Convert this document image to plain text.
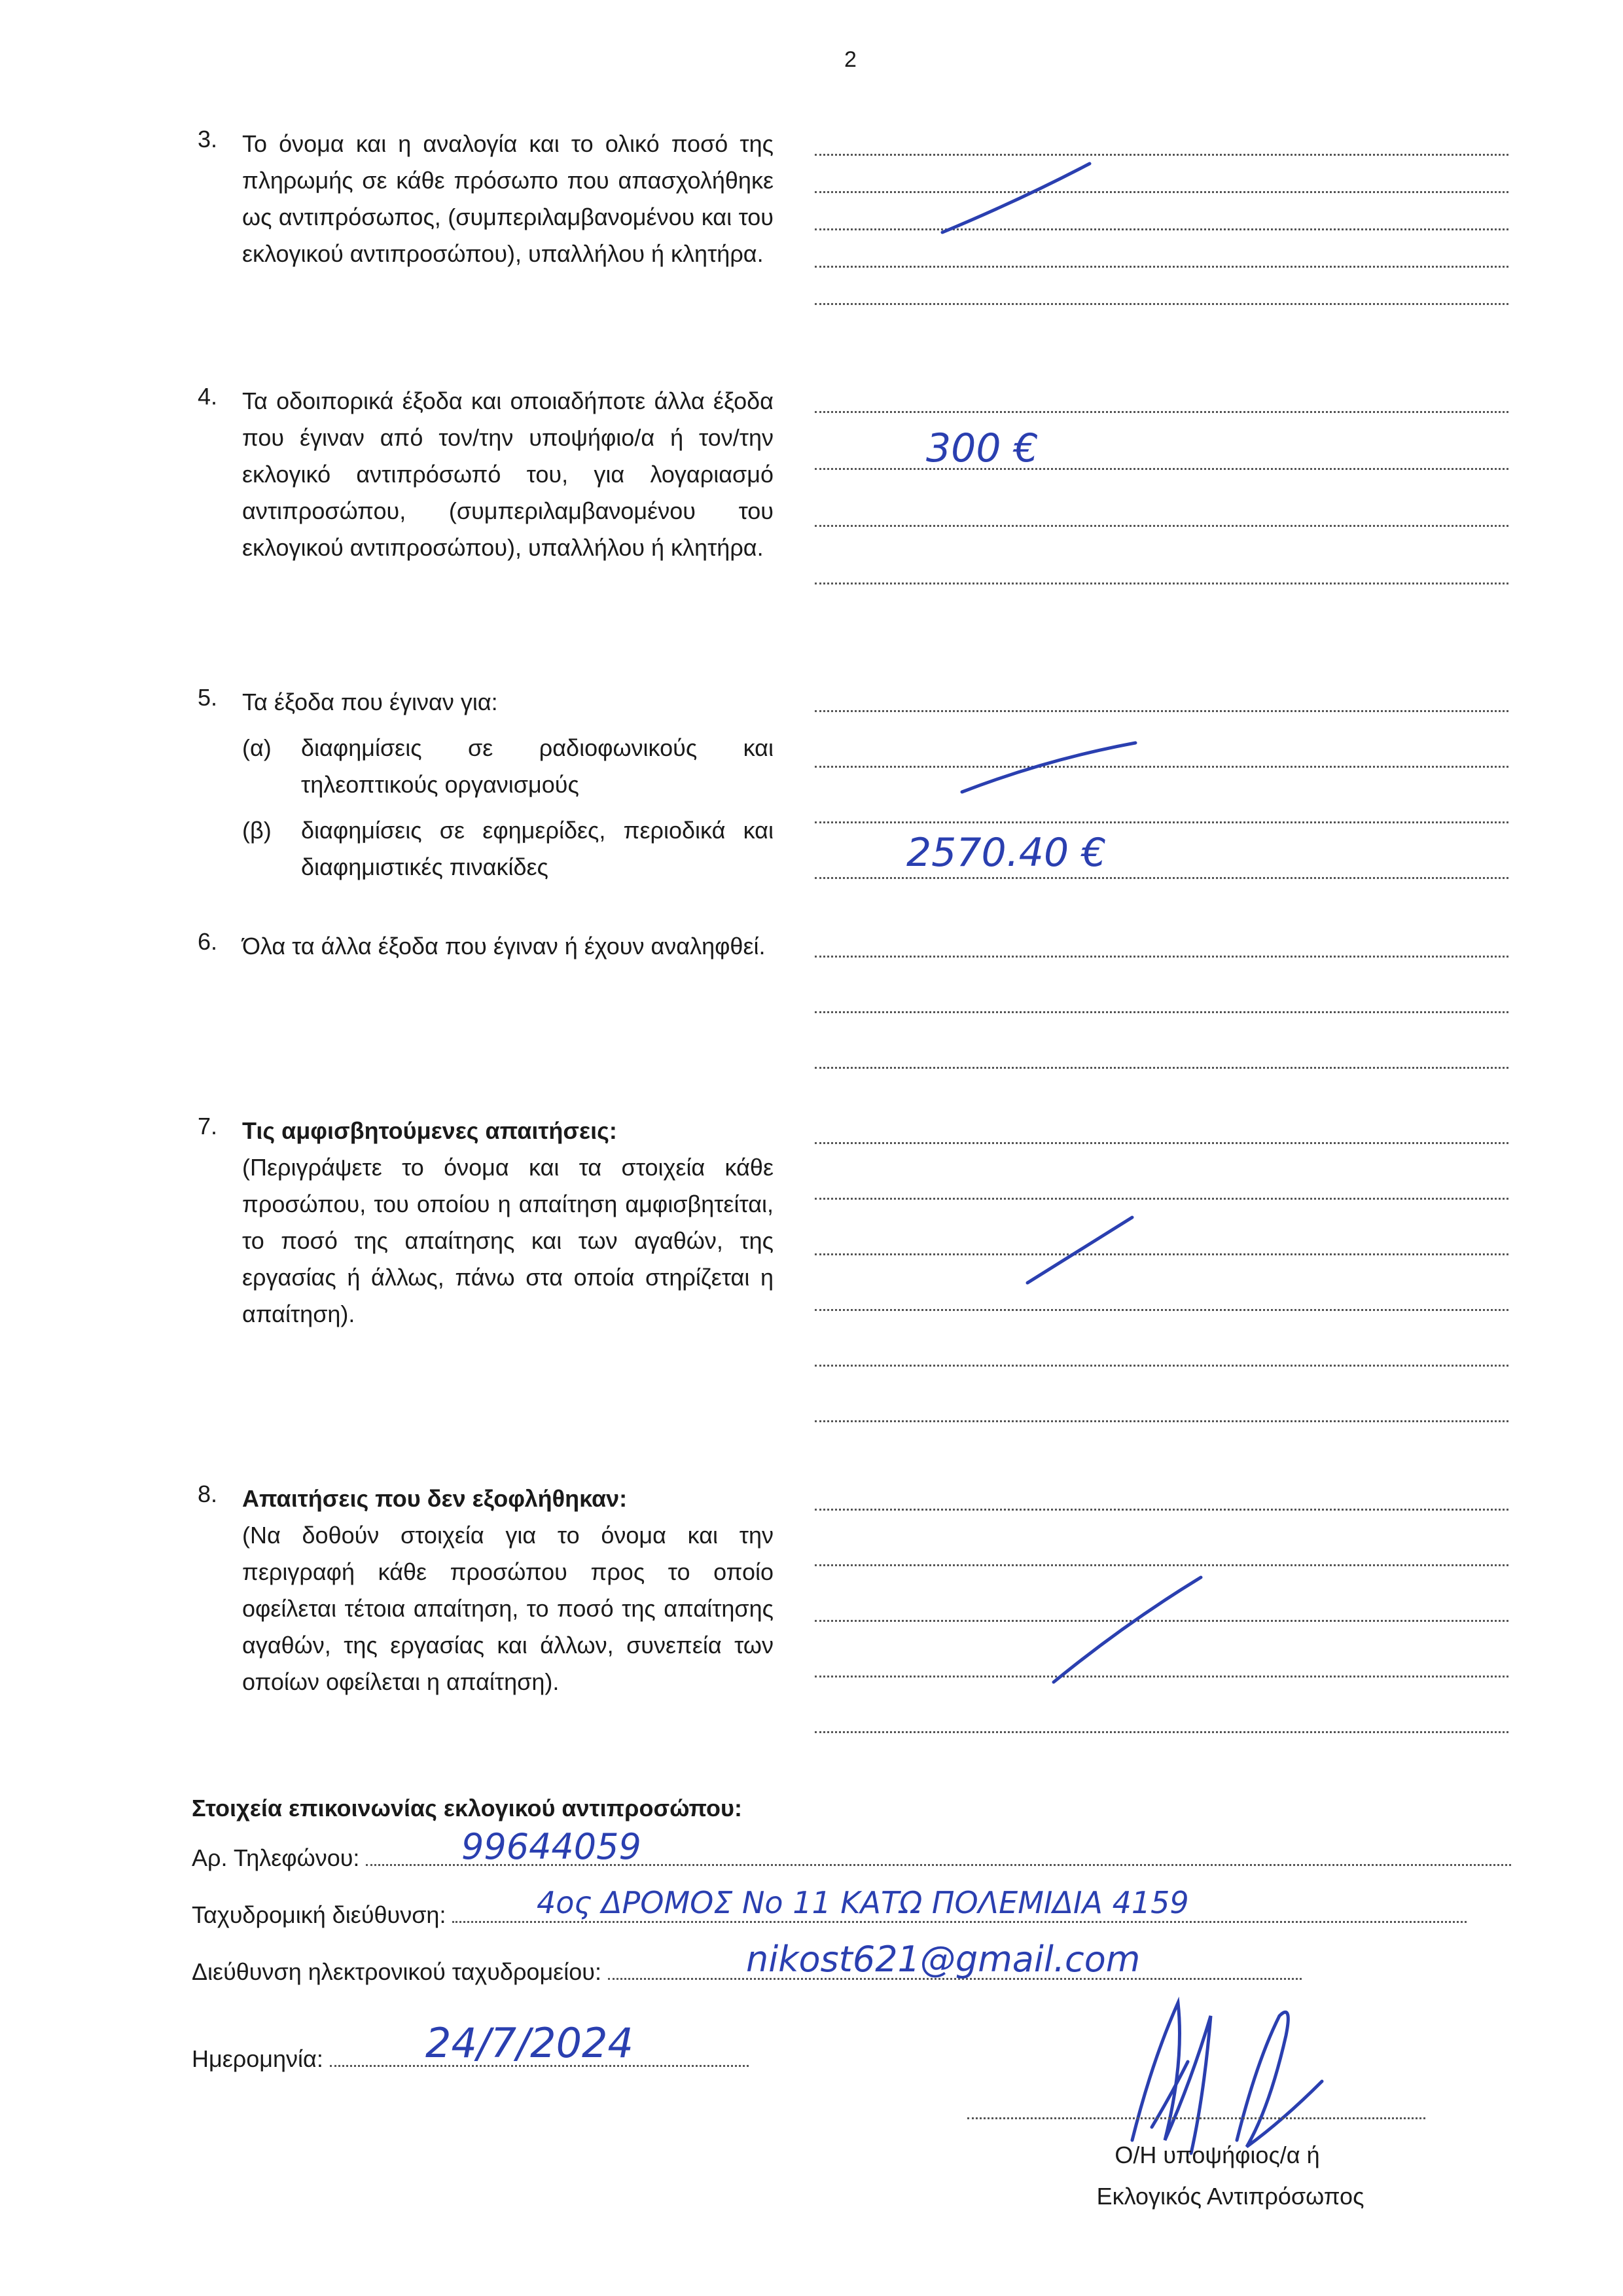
2
3. Το όνομα και η αναλογία και το ολικό ποσό της πληρωμής σε κάθε πρόσωπο που απασχολήθηκε ως αντιπρόσωπος, (συμπεριλαμβανομένου και του εκλογικού αντιπροσώπου), υπαλλήλου ή κλητήρα.
4. Τα οδοιπορικά έξοδα και οποιαδήποτε άλλα έξοδα που έγιναν από τον/την υποψήφιο/α ή τον/την εκλογικό αντιπρόσωπό του, για λογαριασμό αντιπροσώπου, (συμπεριλαμβανομένου του εκλογικού αντιπροσώπου), υπαλλήλου ή κλητήρα.
300 €
5. Τα έξοδα που έγιναν για:
(α) διαφημίσεις σε ραδιοφωνικούς και τηλεοπτικούς οργανισμούς
(β) διαφημίσεις σε εφημερίδες, περιοδικά και διαφημιστικές πινακίδες	2570.40 €
6. Όλα τα άλλα έξοδα που έγιναν ή έχουν αναληφθεί.
7. Τις αμφισβητούμενες απαιτήσεις:
(Περιγράψετε το όνομα και τα στοιχεία κάθε προσώπου, του οποίου η απαίτηση αμφισβητείται, το ποσό της απαίτησης και των αγαθών, της εργασίας ή άλλως, πάνω στα οποία στηρίζεται η απαίτηση).
8. Απαιτήσεις που δεν εξοφλήθηκαν:
(Να δοθούν στοιχεία για το όνομα και την περιγραφή κάθε προσώπου προς το οποίο οφείλεται τέτοια απαίτηση, το ποσό της απαίτησης αγαθών, της εργασίας και άλλων, συνεπεία των οποίων οφείλεται η απαίτηση).
Στοιχεία επικοινωνίας εκλογικού αντιπροσώπου:
Αρ. Τηλεφώνου:	99644059
Ταχυδρομική διεύθυνση:	4ος ΔΡΟΜΟΣ Νο 11 ΚΑΤΩ ΠΟΛΕΜΙΔΙΑ 4159
Διεύθυνση ηλεκτρονικού ταχυδρομείου:	nikost621@gmail.com
Ημερομηνία:	24/7/2024
Ο/Η υποψήφιος/α ή
Εκλογικός Αντιπρόσωπος
